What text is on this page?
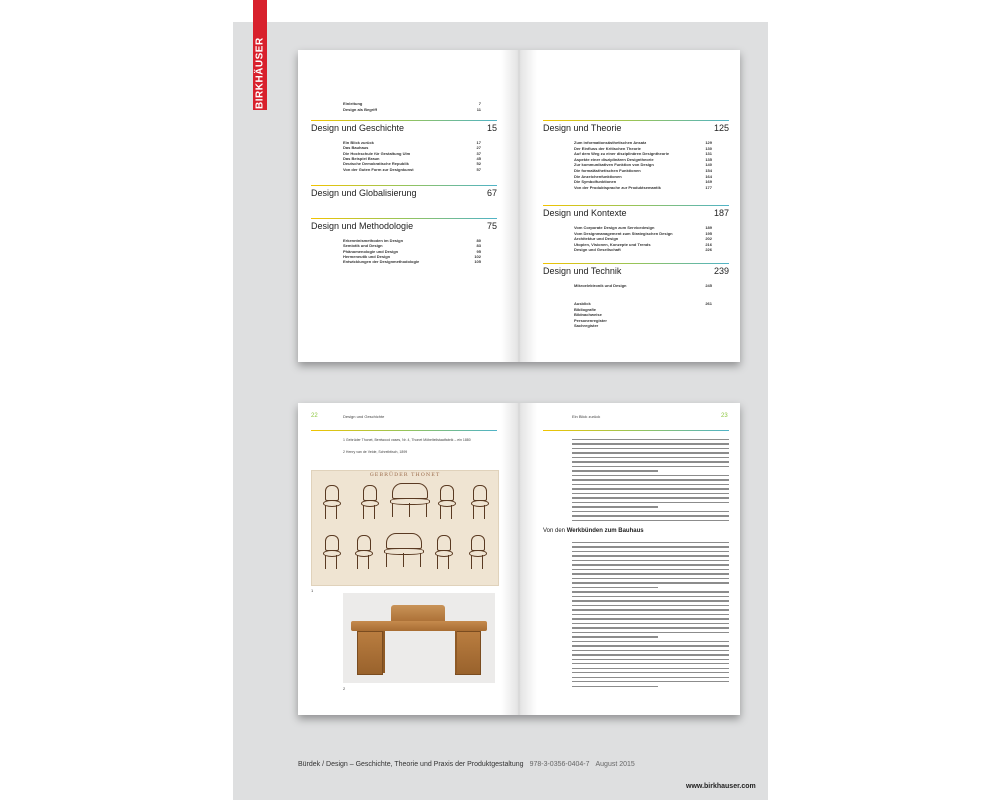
BIRKHÄUSER	Einleitung	7
Design als Begriff	11
Design und Geschichte	15
Ein Blick zurück	17
Das Bauhaus	27
Die Hochschule für Gestaltung Ulm	37
Das Beispiel Braun	45
Deutsche Demokratische Republik	52
Von der Guten Form zur Designkunst	57
Design und Globalisierung	67
Design und Methodologie	75
Erkenntnismethoden im Design	80
Semiotik und Design	83
Phänomenologie und Design	95
Hermeneutik und Design	102
Entwicklungen der Designmethodologie	105
Design und Theorie	125
Zum informationsästhetischen Ansatz	129
Der Einfluss der Kritischen Theorie	130
Auf dem Weg zu einer disziplinären Designtheorie	131
Aspekte einer disziplinären Designtheorie	135
Zur kommunikativen Funktion von Design	140
Die formalästhetischen Funktionen	154
Die Anzeichenfunktionen	164
Die Symbolfunktionen	169
Von der Produktsprache zur Produktsemantik	177
Design und Kontexte	187
Vom Corporate Design zum Servicedesign	189
Vom Designmanagement zum Strategischen Design	195
Architektur und Design	202
Utopien, Visionen, Konzepte und Trends	216
Design und Gesellschaft	226
Design und Technik	239
Mikroelektronik und Design	245
Ausblick	261
Bibliografie
Bildnachweise
Personenregister
Sachregister
22	Design und Geschichte	Ein Blick zurück	23
1 Gebrüder Thonet, Bentwood vases, Nr. 4, Thonet Möbelteilstaatfabrik – ein 1880
2 Henry van de Velde, Schreibtisch, 1899
GEBRÜDER THONET
1
2
Von den Werkbünden zum Bauhaus
Bürdek / Design – Geschichte, Theorie und Praxis der Produktgestaltung 978-3-0356-0404-7 August 2015
www.birkhauser.com
